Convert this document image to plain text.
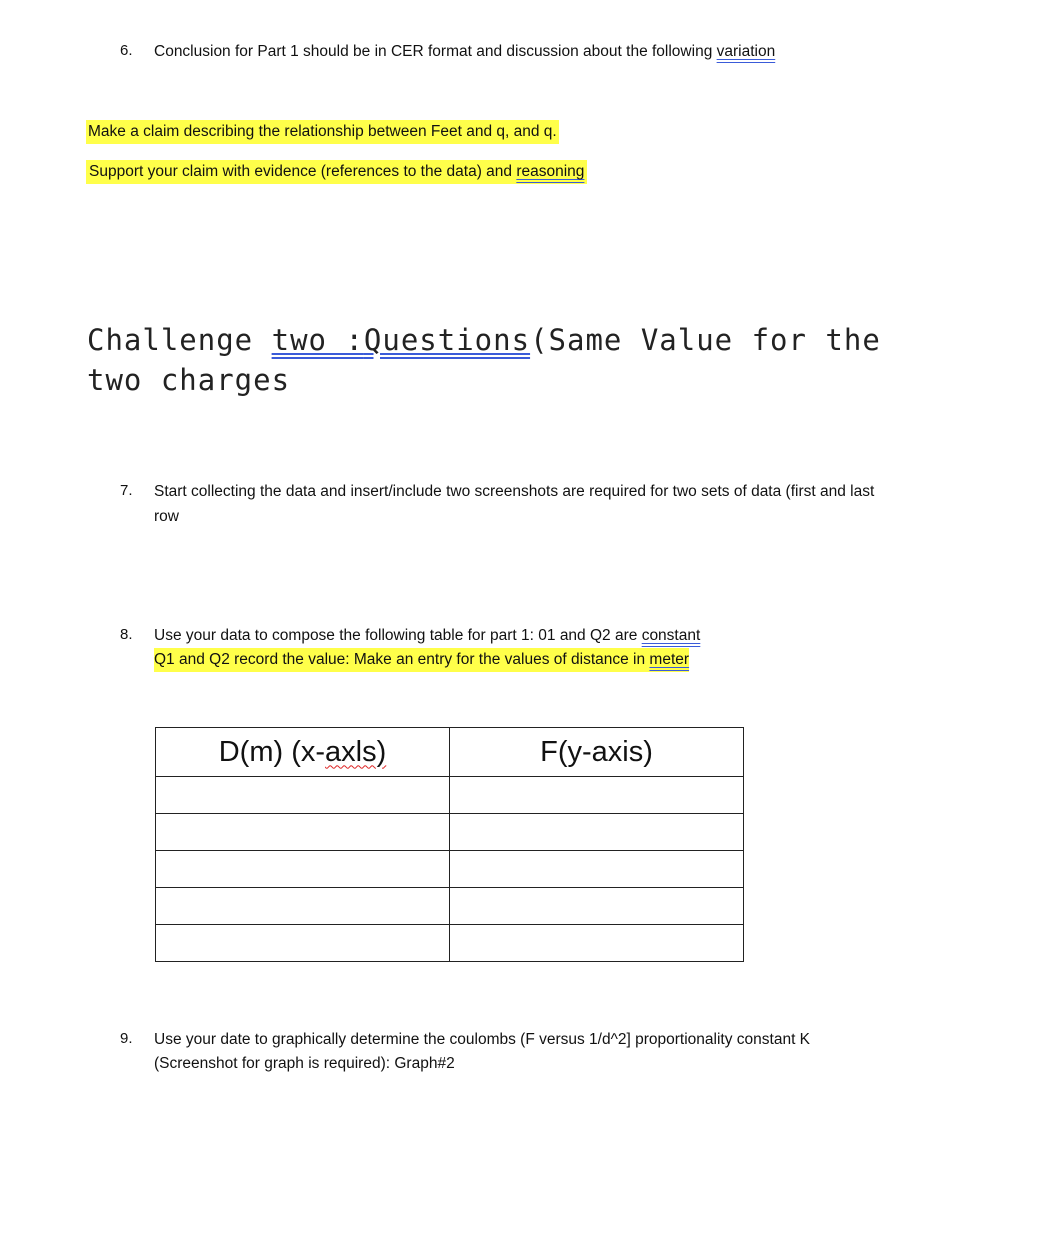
6. Conclusion for Part 1 should be in CER format and discussion about the following variation
Make a claim describing the relationship between Feet and q, and q.
Support your claim with evidence (references to the data) and reasoning
Challenge two :Questions(Same Value for the
two charges
7. Start collecting the data and insert/include two screenshots are required for two sets of data (first and last
row
8. Use your data to compose the following table for part 1: 01 and Q2 are constant
Q1 and Q2 record the value: Make an entry for the values of distance in meter
D(m) (x-axls)	F(y-axis)

9. Use your date to graphically determine the coulombs (F versus 1/d^2] proportionality constant K
(Screenshot for graph is required): Graph#2
